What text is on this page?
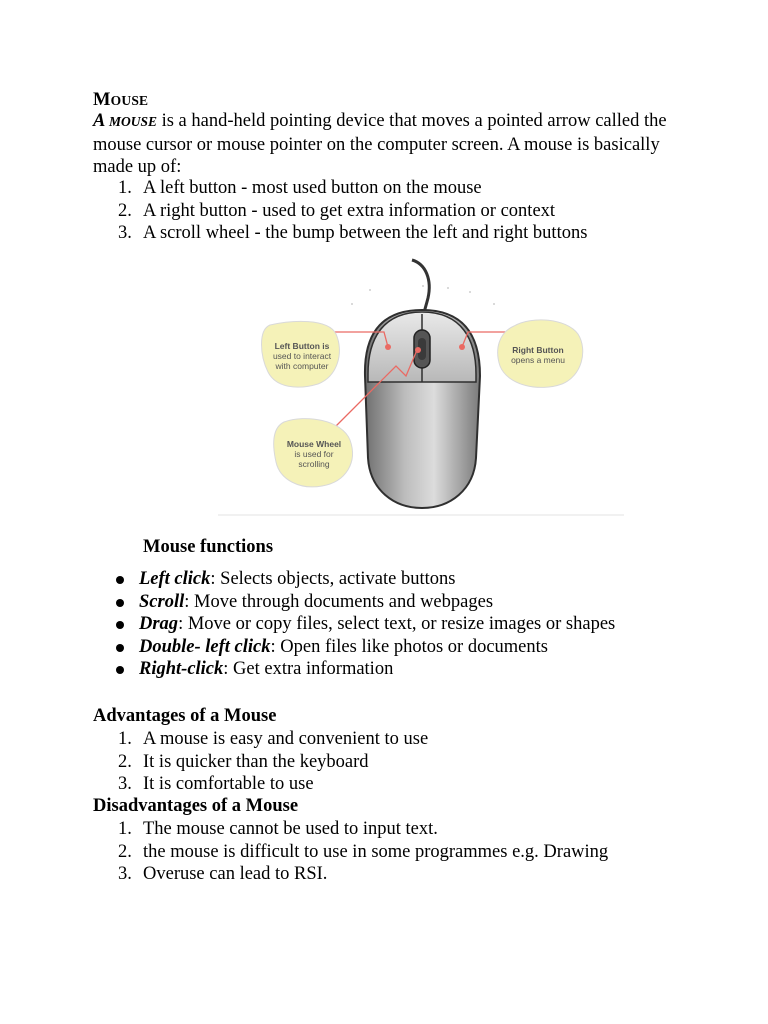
MOUSE
A MOUSE is a hand-held pointing device that moves a pointed arrow called the mouse cursor or mouse pointer on the computer screen. A mouse is basically made up of:
1. A left button - most used button on the mouse
2. A right button - used to get extra information or context
3. A scroll wheel - the bump between the left and right buttons
Left Button is
used to interact
with computer
Right Button
opens a menu
Mouse Wheel
is used for
scrolling
Mouse functions
Left click: Selects objects, activate buttons
Scroll: Move through documents and webpages
Drag: Move or copy files, select text, or resize images or shapes
Double- left click: Open files like photos or documents
Right-click: Get extra information
Advantages of a Mouse
1. A mouse is easy and convenient to use
2. It is quicker than the keyboard
3. It is comfortable to use
Disadvantages of a Mouse
1. The mouse cannot be used to input text.
2. the mouse is difficult to use in some programmes e.g. Drawing
3. Overuse can lead to RSI.
